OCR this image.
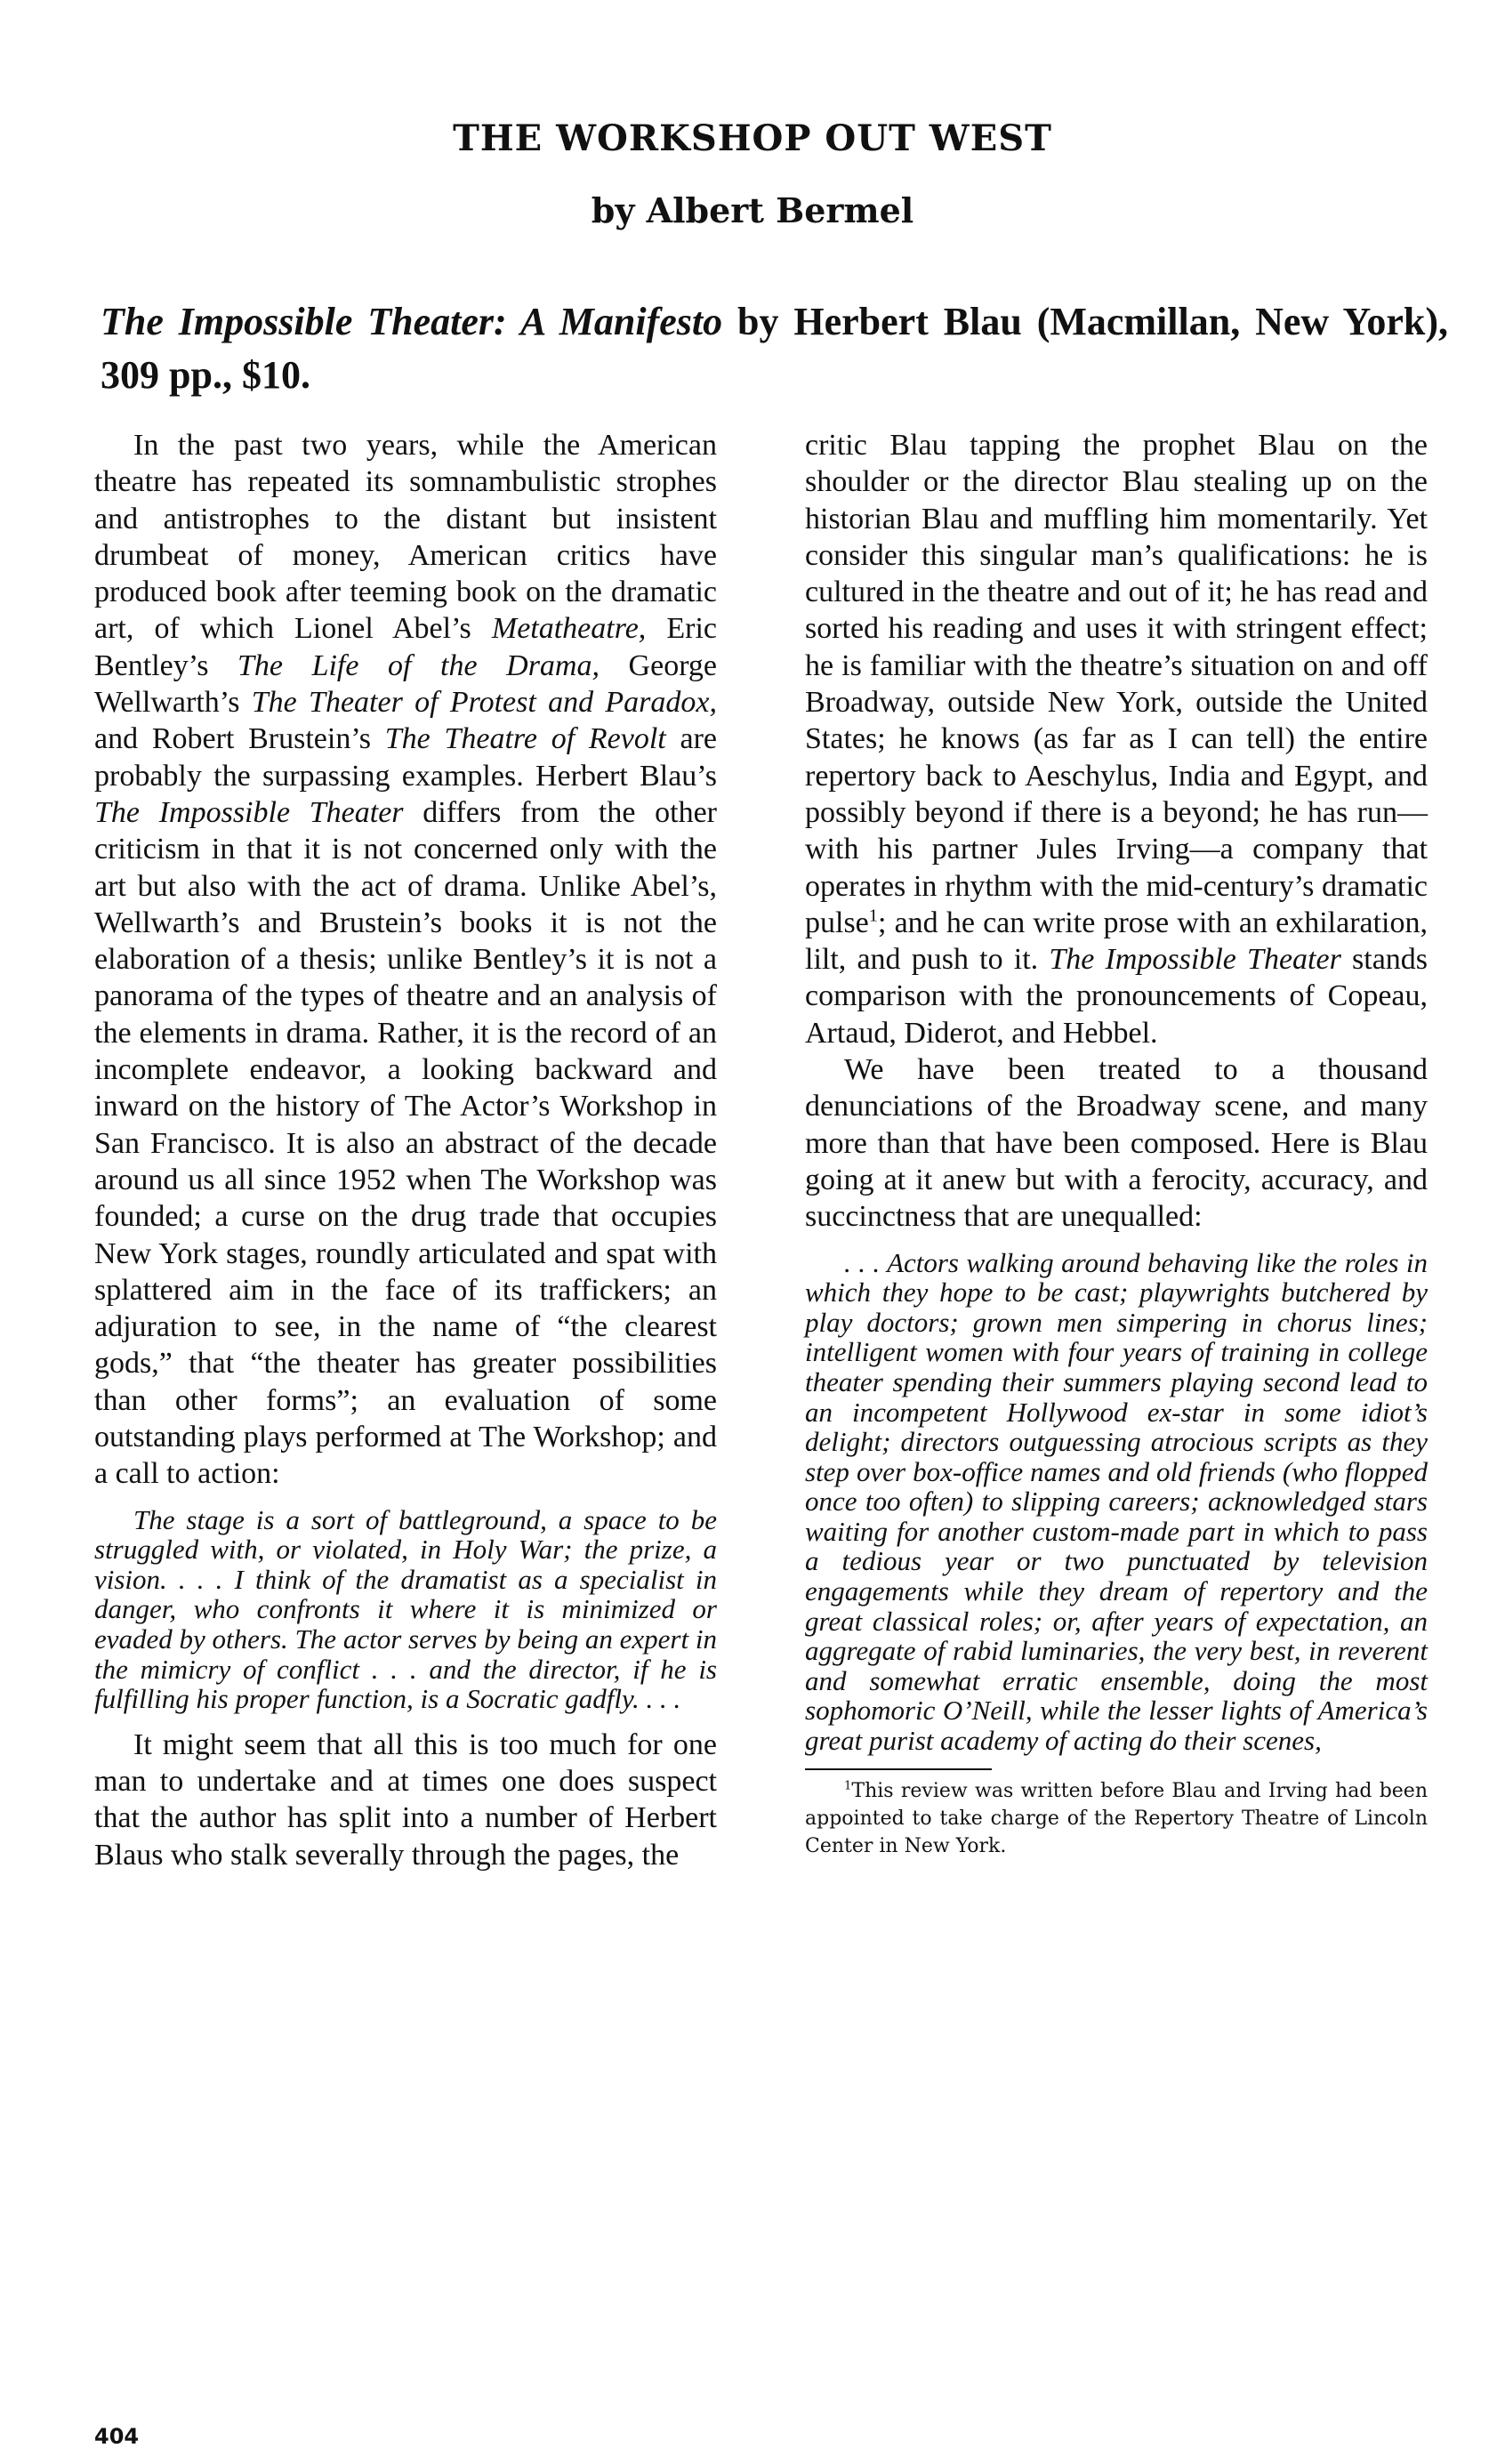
THE WORKSHOP OUT WEST
by Albert Bermel
The Impossible Theater: A Manifesto by Herbert Blau (Macmillan, New York), 309 pp., $10.

In the past two years, while the American theatre has repeated its somnambulistic strophes and antistrophes to the distant but insistent drumbeat of money, American critics have produced book after teeming book on the dramatic art, of which Lionel Abel’s Metatheatre, Eric Bentley’s The Life of the Drama, George Wellwarth’s The Theater of Protest and Paradox, and Robert Brustein’s The Theatre of Revolt are probably the surpassing examples. Herbert Blau’s The Impossible Theater differs from the other criticism in that it is not concerned only with the art but also with the act of drama. Unlike Abel’s, Wellwarth’s and Brustein’s books it is not the elaboration of a thesis; unlike Bentley’s it is not a panorama of the types of theatre and an analysis of the elements in drama. Rather, it is the record of an incomplete endeavor, a looking backward and inward on the history of The Actor’s Workshop in San Francisco. It is also an abstract of the decade around us all since 1952 when The Workshop was founded; a curse on the drug trade that occupies New York stages, roundly articulated and spat with splattered aim in the face of its traffickers; an adjuration to see, in the name of “the clearest gods,” that “the theater has greater possibilities than other forms”; an evaluation of some outstanding plays performed at The Workshop; and a call to action:

The stage is a sort of battleground, a space to be struggled with, or violated, in Holy War; the prize, a vision. . . . I think of the dramatist as a specialist in danger, who confronts it where it is minimized or evaded by others. The actor serves by being an expert in the mimicry of conflict . . . and the director, if he is fulfilling his proper function, is a Socratic gadfly. . . .

It might seem that all this is too much for one man to undertake and at times one does suspect that the author has split into a number of Herbert Blaus who stalk severally through the pages, the

critic Blau tapping the prophet Blau on the shoulder or the director Blau stealing up on the historian Blau and muffling him momentarily. Yet consider this singular man’s qualifications: he is cultured in the theatre and out of it; he has read and sorted his reading and uses it with stringent effect; he is familiar with the theatre’s situation on and off Broadway, outside New York, outside the United States; he knows (as far as I can tell) the entire repertory back to Aeschylus, India and Egypt, and possibly beyond if there is a beyond; he has run—with his partner Jules Irving—a company that operates in rhythm with the mid-century’s dramatic pulse$^1$; and he can write prose with an exhilaration, lilt, and push to it. The Impossible Theater stands comparison with the pronouncements of Copeau, Artaud, Diderot, and Hebbel.

We have been treated to a thousand denunciations of the Broadway scene, and many more than that have been composed. Here is Blau going at it anew but with a ferocity, accuracy, and succinctness that are unequalled:

. . . Actors walking around behaving like the roles in which they hope to be cast; playwrights butchered by play doctors; grown men simpering in chorus lines; intelligent women with four years of training in college theater spending their summers playing second lead to an incompetent Hollywood ex-star in some idiot’s delight; directors outguessing atrocious scripts as they step over box-office names and old friends (who flopped once too often) to slipping careers; acknowledged stars waiting for another custom-made part in which to pass a tedious year or two punctuated by television engagements while they dream of repertory and the great classical roles; or, after years of expectation, an aggregate of rabid luminaries, the very best, in reverent and somewhat erratic ensemble, doing the most sophomoric O’Neill, while the lesser lights of America’s great purist academy of acting do their scenes,

$^1$This review was written before Blau and Irving had been appointed to take charge of the Repertory Theatre of Lincoln Center in New York.

404
